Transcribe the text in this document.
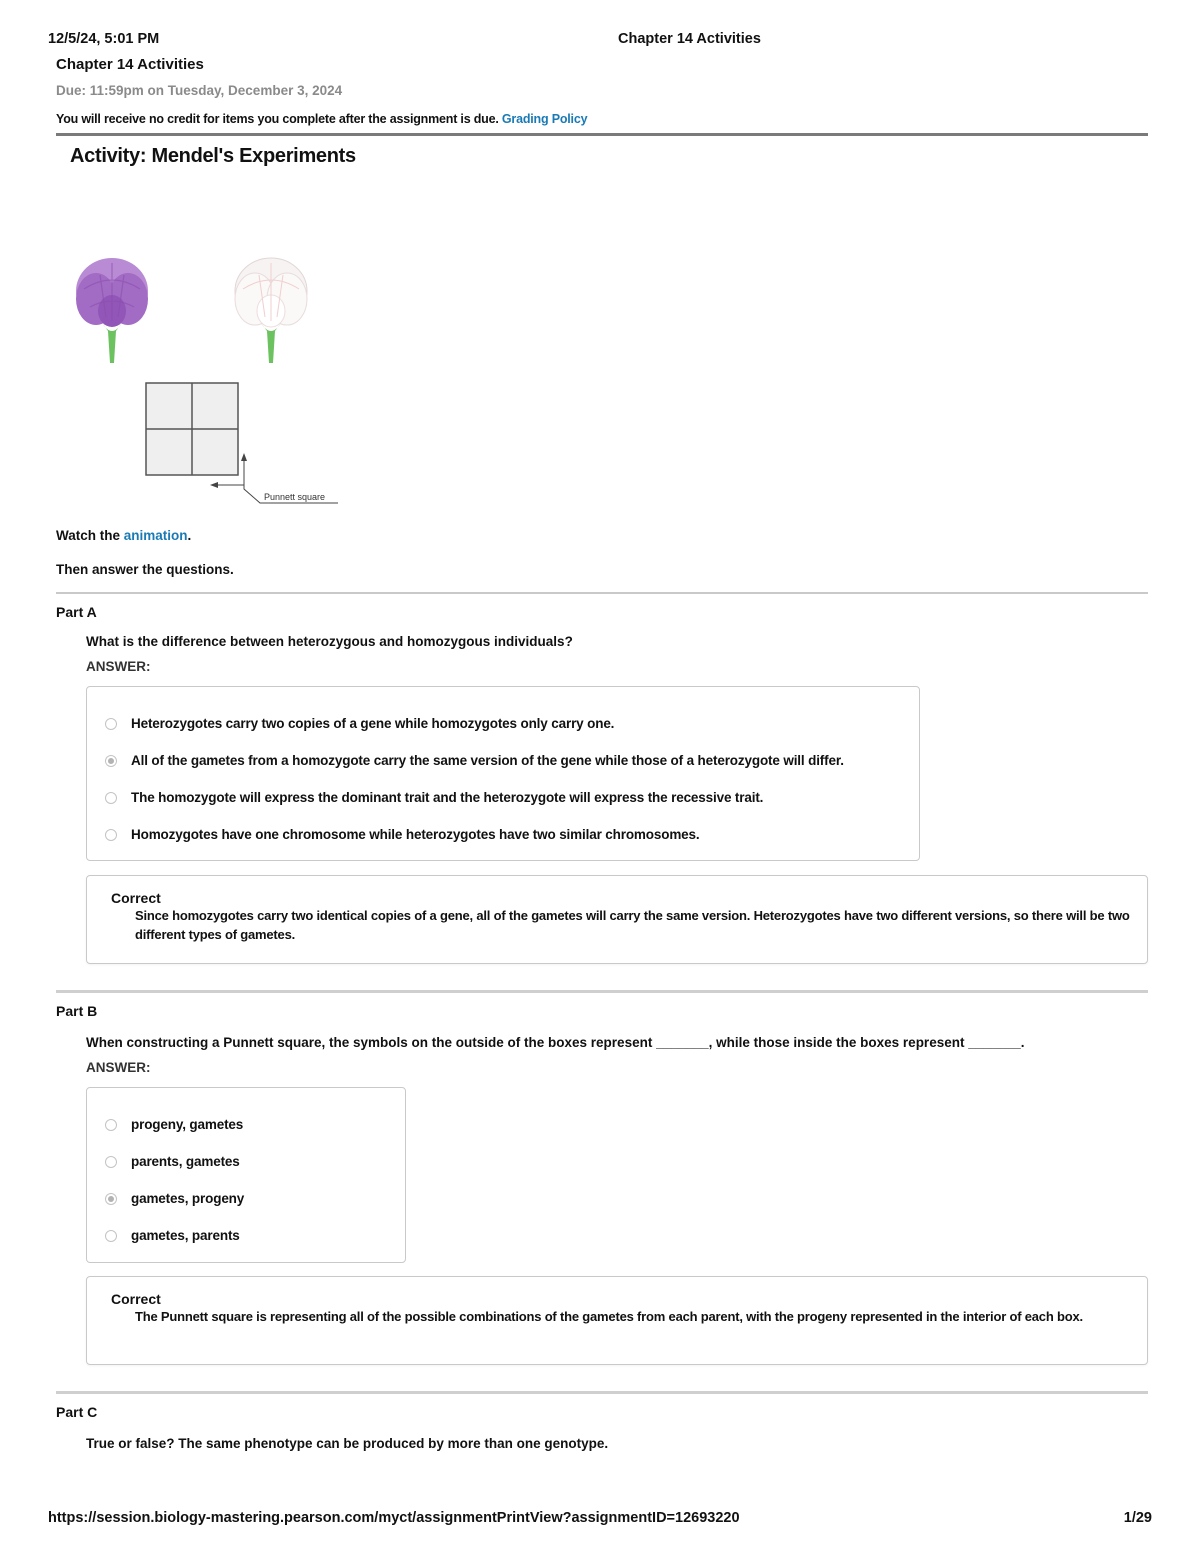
12/5/24, 5:01 PM	Chapter 14 Activities
Chapter 14 Activities
Due: 11:59pm on Tuesday, December 3, 2024
You will receive no credit for items you complete after the assignment is due. Grading Policy
Activity: Mendel's Experiments
Punnett square

Watch the animation.

Then answer the questions.

Part A
What is the difference between heterozygous and homozygous individuals?
ANSWER:
Heterozygotes carry two copies of a gene while homozygotes only carry one.
All of the gametes from a homozygote carry the same version of the gene while those of a heterozygote will differ.
The homozygote will express the dominant trait and the heterozygote will express the recessive trait.
Homozygotes have one chromosome while heterozygotes have two similar chromosomes.
Correct
Since homozygotes carry two identical copies of a gene, all of the gametes will carry the same version. Heterozygotes have two different versions, so there will be two different types of gametes.
Part B
When constructing a Punnett square, the symbols on the outside of the boxes represent _______, while those inside the boxes represent _______.
ANSWER:
progeny, gametes
parents, gametes
gametes, progeny
gametes, parents
Correct
The Punnett square is representing all of the possible combinations of the gametes from each parent, with the progeny represented in the interior of each box.
Part C
True or false? The same phenotype can be produced by more than one genotype.
https://session.biology-mastering.pearson.com/myct/assignmentPrintView?assignmentID=12693220	1/29
